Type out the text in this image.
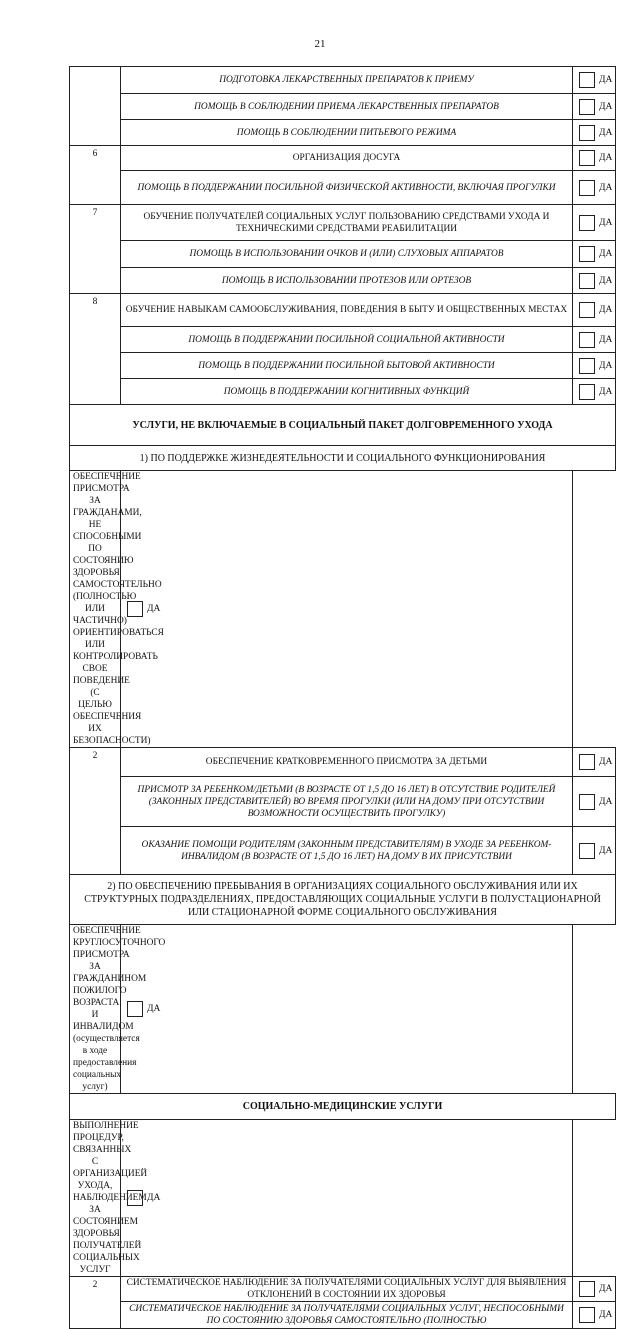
21
	ПОДГОТОВКА ЛЕКАРСТВЕННЫХ ПРЕПАРАТОВ К ПРИЕМУ	ДА
	ПОМОЩЬ В СОБЛЮДЕНИИ ПРИЕМА ЛЕКАРСТВЕННЫХ ПРЕПАРАТОВ	ДА
	ПОМОЩЬ В СОБЛЮДЕНИИ ПИТЬЕВОГО РЕЖИМА	ДА
6	ОРГАНИЗАЦИЯ ДОСУГА	ДА
	ПОМОЩЬ В ПОДДЕРЖАНИИ ПОСИЛЬНОЙ ФИЗИЧЕСКОЙ АКТИВНОСТИ, ВКЛЮЧАЯ ПРОГУЛКИ	ДА
7	ОБУЧЕНИЕ ПОЛУЧАТЕЛЕЙ СОЦИАЛЬНЫХ УСЛУГ ПОЛЬЗОВАНИЮ СРЕДСТВАМИ УХОДА И ТЕХНИЧЕСКИМИ СРЕДСТВАМИ РЕАБИЛИТАЦИИ	ДА
	ПОМОЩЬ В ИСПОЛЬЗОВАНИИ ОЧКОВ И (ИЛИ) СЛУХОВЫХ АППАРАТОВ	ДА
	ПОМОЩЬ В ИСПОЛЬЗОВАНИИ ПРОТЕЗОВ ИЛИ ОРТЕЗОВ	ДА
8	ОБУЧЕНИЕ НАВЫКАМ САМООБСЛУЖИВАНИЯ, ПОВЕДЕНИЯ В БЫТУ И ОБЩЕСТВЕННЫХ МЕСТАХ	ДА
	ПОМОЩЬ В ПОДДЕРЖАНИИ ПОСИЛЬНОЙ СОЦИАЛЬНОЙ АКТИВНОСТИ	ДА
	ПОМОЩЬ В ПОДДЕРЖАНИИ ПОСИЛЬНОЙ БЫТОВОЙ АКТИВНОСТИ	ДА
	ПОМОЩЬ В ПОДДЕРЖАНИИ КОГНИТИВНЫХ ФУНКЦИЙ	ДА
УСЛУГИ, НЕ ВКЛЮЧАЕМЫЕ В СОЦИАЛЬНЫЙ ПАКЕТ ДОЛГОВРЕМЕННОГО УХОДА		
1) ПО ПОДДЕРЖКЕ ЖИЗНЕДЕЯТЕЛЬНОСТИ И СОЦИАЛЬНОГО ФУНКЦИОНИРОВАНИЯ		
ОБЕСПЕЧЕНИЕ ПРИСМОТРА ЗА ГРАЖДАНАМИ, НЕ СПОСОБНЫМИ ПО СОСТОЯНИЮ ЗДОРОВЬЯ САМОСТОЯТЕЛЬНО (ПОЛНОСТЬЮ ИЛИ ЧАСТИЧНО) ОРИЕНТИРОВАТЬСЯ ИЛИ КОНТРОЛИРОВАТЬ СВОЕ ПОВЕДЕНИЕ (С ЦЕЛЬЮ ОБЕСПЕЧЕНИЯ ИХ БЕЗОПАСНОСТИ)	ДА	
2	ОБЕСПЕЧЕНИЕ КРАТКОВРЕМЕННОГО ПРИСМОТРА ЗА ДЕТЬМИ	ДА
	ПРИСМОТР ЗА РЕБЕНКОМ/ДЕТЬМИ (В ВОЗРАСТЕ ОТ 1,5 ДО 16 ЛЕТ) В ОТСУТСТВИЕ РОДИТЕЛЕЙ (ЗАКОННЫХ ПРЕДСТАВИТЕЛЕЙ) ВО ВРЕМЯ ПРОГУЛКИ (ИЛИ НА ДОМУ ПРИ ОТСУТСТВИИ ВОЗМОЖНОСТИ ОСУЩЕСТВИТЬ ПРОГУЛКУ)	ДА
	ОКАЗАНИЕ ПОМОЩИ РОДИТЕЛЯМ (ЗАКОННЫМ ПРЕДСТАВИТЕЛЯМ) В УХОДЕ ЗА РЕБЕНКОМ-ИНВАЛИДОМ (В ВОЗРАСТЕ ОТ 1,5 ДО 16 ЛЕТ) НА ДОМУ В ИХ ПРИСУТСТВИИ	ДА
2) ПО ОБЕСПЕЧЕНИЮ ПРЕБЫВАНИЯ В ОРГАНИЗАЦИЯХ СОЦИАЛЬНОГО ОБСЛУЖИВАНИЯ ИЛИ ИХ СТРУКТУРНЫХ ПОДРАЗДЕЛЕНИЯХ, ПРЕДОСТАВЛЯЮЩИХ СОЦИАЛЬНЫЕ УСЛУГИ В ПОЛУСТАЦИОНАРНОЙ ИЛИ СТАЦИОНАРНОЙ ФОРМЕ СОЦИАЛЬНОГО ОБСЛУЖИВАНИЯ		
ОБЕСПЕЧЕНИЕ КРУГЛОСУТОЧНОГО ПРИСМОТРА ЗА ГРАЖДАНИНОМ ПОЖИЛОГО ВОЗРАСТА И ИНВАЛИДОМ (осуществляется в ходе предоставления социальных услуг)	ДА	
СОЦИАЛЬНО-МЕДИЦИНСКИЕ УСЛУГИ		
ВЫПОЛНЕНИЕ ПРОЦЕДУР, СВЯЗАННЫХ С ОРГАНИЗАЦИЕЙ УХОДА, НАБЛЮДЕНИЕМ ЗА СОСТОЯНИЕМ ЗДОРОВЬЯ ПОЛУЧАТЕЛЕЙ СОЦИАЛЬНЫХ УСЛУГ	ДА	
2	СИСТЕМАТИЧЕСКОЕ НАБЛЮДЕНИЕ ЗА ПОЛУЧАТЕЛЯМИ СОЦИАЛЬНЫХ УСЛУГ ДЛЯ ВЫЯВЛЕНИЯ ОТКЛОНЕНИЙ В СОСТОЯНИИ ИХ ЗДОРОВЬЯ	ДА
	СИСТЕМАТИЧЕСКОЕ НАБЛЮДЕНИЕ ЗА ПОЛУЧАТЕЛЯМИ СОЦИАЛЬНЫХ УСЛУГ, НЕСПОСОБНЫМИ ПО СОСТОЯНИЮ ЗДОРОВЬЯ САМОСТОЯТЕЛЬНО (ПОЛНОСТЬЮ	ДА
